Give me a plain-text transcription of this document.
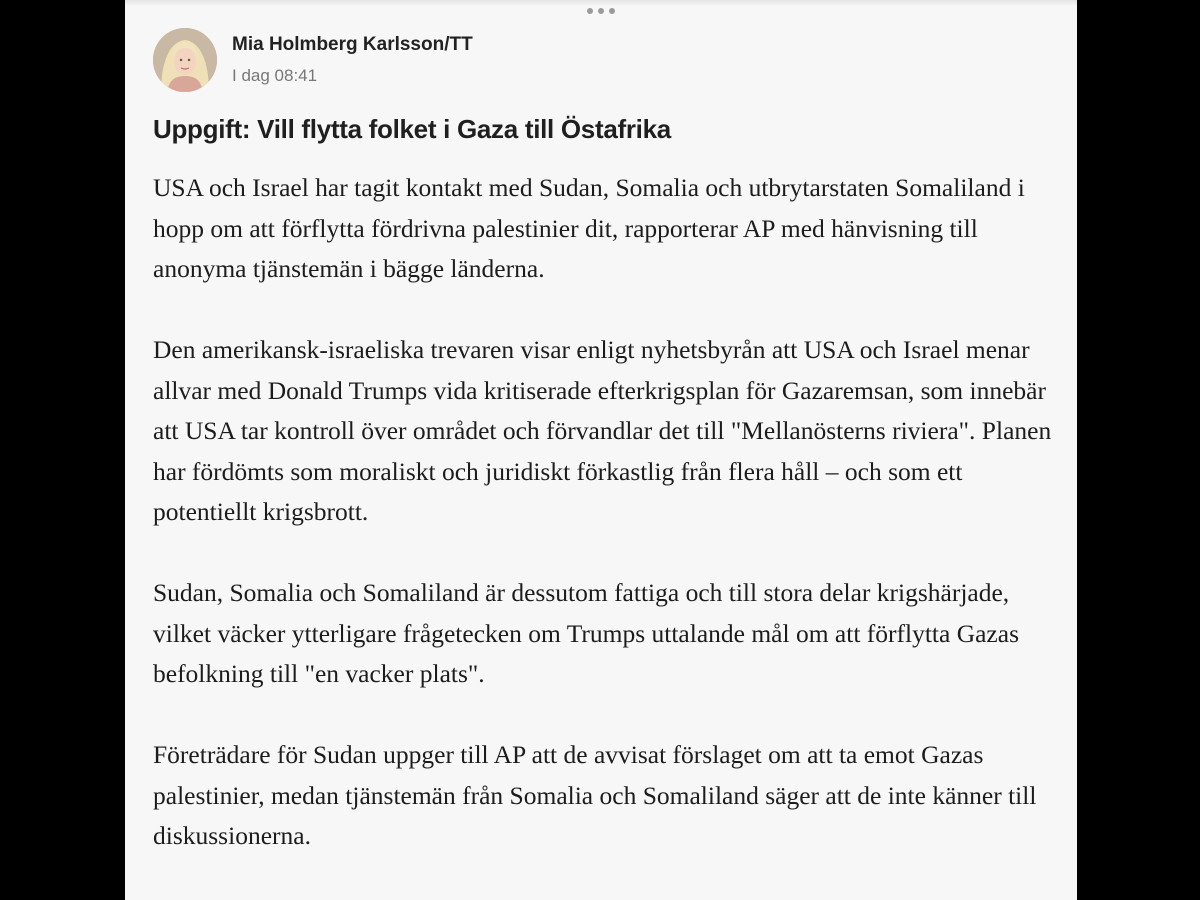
Mia Holmberg Karlsson/TT
I dag 08:41
Uppgift: Vill flytta folket i Gaza till Östafrika

USA och Israel har tagit kontakt med Sudan, Somalia och utbrytarstaten Somaliland i hopp om att förflytta fördrivna palestinier dit, rapporterar AP med hänvisning till anonyma tjänstemän i bägge länderna.

Den amerikansk-israeliska trevaren visar enligt nyhetsbyrån att USA och Israel menar allvar med Donald Trumps vida kritiserade efterkrigsplan för Gazaremsan, som innebär att USA tar kontroll över området och förvandlar det till "Mellanösterns riviera". Planen har fördömts som moraliskt och juridiskt förkastlig från flera håll – och som ett potentiellt krigsbrott.

Sudan, Somalia och Somaliland är dessutom fattiga och till stora delar krigshärjade, vilket väcker ytterligare frågetecken om Trumps uttalande mål om att förflytta Gazas befolkning till "en vacker plats".

Företrädare för Sudan uppger till AP att de avvisat förslaget om att ta emot Gazas palestinier, medan tjänstemän från Somalia och Somaliland säger att de inte känner till diskussionerna.
